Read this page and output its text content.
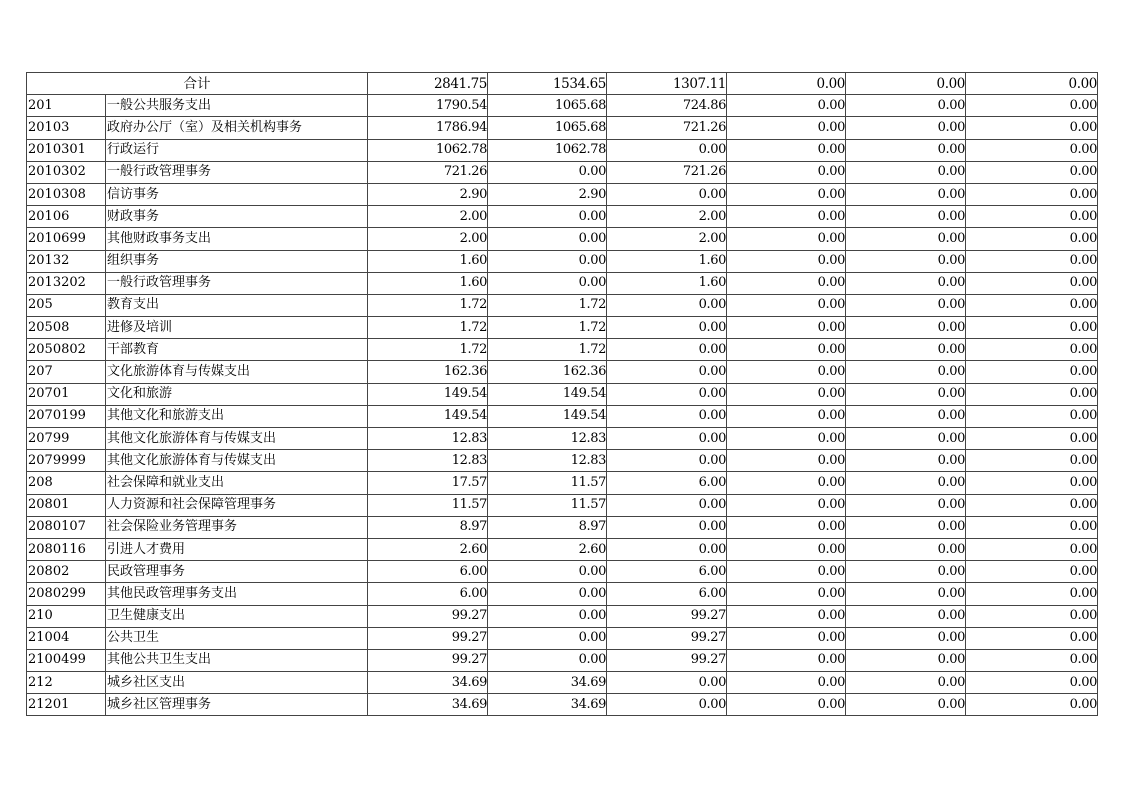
合计		2841.75	1534.65	1307.11	0.00	0.00	0.00
201	一般公共服务支出	1790.54	1065.68	724.86	0.00	0.00	0.00
20103	政府办公厅（室）及相关机构事务	1786.94	1065.68	721.26	0.00	0.00	0.00
2010301	行政运行	1062.78	1062.78	0.00	0.00	0.00	0.00
2010302	一般行政管理事务	721.26	0.00	721.26	0.00	0.00	0.00
2010308	信访事务	2.90	2.90	0.00	0.00	0.00	0.00
20106	财政事务	2.00	0.00	2.00	0.00	0.00	0.00
2010699	其他财政事务支出	2.00	0.00	2.00	0.00	0.00	0.00
20132	组织事务	1.60	0.00	1.60	0.00	0.00	0.00
2013202	一般行政管理事务	1.60	0.00	1.60	0.00	0.00	0.00
205	教育支出	1.72	1.72	0.00	0.00	0.00	0.00
20508	进修及培训	1.72	1.72	0.00	0.00	0.00	0.00
2050802	干部教育	1.72	1.72	0.00	0.00	0.00	0.00
207	文化旅游体育与传媒支出	162.36	162.36	0.00	0.00	0.00	0.00
20701	文化和旅游	149.54	149.54	0.00	0.00	0.00	0.00
2070199	其他文化和旅游支出	149.54	149.54	0.00	0.00	0.00	0.00
20799	其他文化旅游体育与传媒支出	12.83	12.83	0.00	0.00	0.00	0.00
2079999	其他文化旅游体育与传媒支出	12.83	12.83	0.00	0.00	0.00	0.00
208	社会保障和就业支出	17.57	11.57	6.00	0.00	0.00	0.00
20801	人力资源和社会保障管理事务	11.57	11.57	0.00	0.00	0.00	0.00
2080107	社会保险业务管理事务	8.97	8.97	0.00	0.00	0.00	0.00
2080116	引进人才费用	2.60	2.60	0.00	0.00	0.00	0.00
20802	民政管理事务	6.00	0.00	6.00	0.00	0.00	0.00
2080299	其他民政管理事务支出	6.00	0.00	6.00	0.00	0.00	0.00
210	卫生健康支出	99.27	0.00	99.27	0.00	0.00	0.00
21004	公共卫生	99.27	0.00	99.27	0.00	0.00	0.00
2100499	其他公共卫生支出	99.27	0.00	99.27	0.00	0.00	0.00
212	城乡社区支出	34.69	34.69	0.00	0.00	0.00	0.00
21201	城乡社区管理事务	34.69	34.69	0.00	0.00	0.00	0.00
